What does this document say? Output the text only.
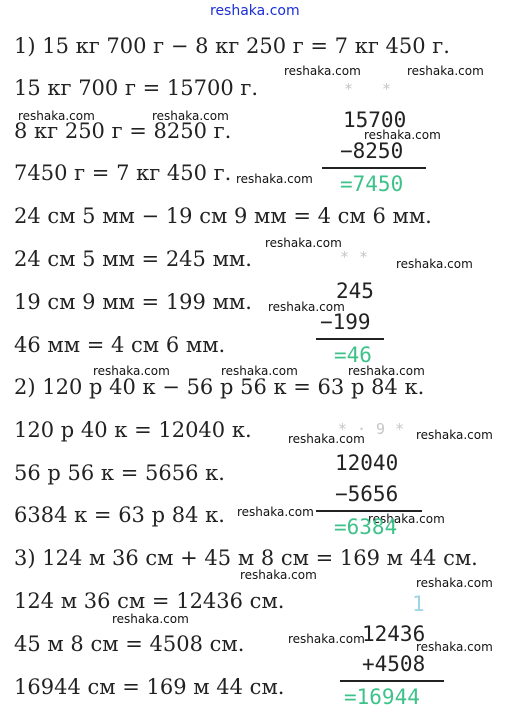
reshaka.com
reshaka.com	reshaka.com
reshaka.com	reshaka.com
reshaka.com
reshaka.com
reshaka.com
reshaka.com
reshaka.com
reshaka.com	reshaka.com	reshaka.com
reshaka.com	reshaka.com
reshaka.com	reshaka.com
reshaka.com
reshaka.com
reshaka.com
reshaka.com
reshaka.com
1) 15 кг 700 г − 8 кг 250 г = 7 кг 450 г.
15 кг 700 г = 15700 г.
8 кг 250 г = 8250 г.
7450 г = 7 кг 450 г.
24 см 5 мм − 19 см 9 мм = 4 см 6 мм.
24 см 5 мм = 245 мм.
19 см 9 мм = 199 мм.
46 мм = 4 см 6 мм.
2) 120 р 40 к − 56 р 56 к = 63 р 84 к.
120 р 40 к = 12040 к.
56 р 56 к = 5656 к.
6384 к = 63 р 84 к.
3) 124 м 36 см + 45 м 8 см = 169 м 44 см.
124 м 36 см = 12436 см.
45 м 8 см = 4508 см.
16944 см = 169 м 44 см.
* *
15700
−8250
=7450
**
245
−199
=46
*·9*
12040
−5656
=6384
1
12436
+4508
=16944
